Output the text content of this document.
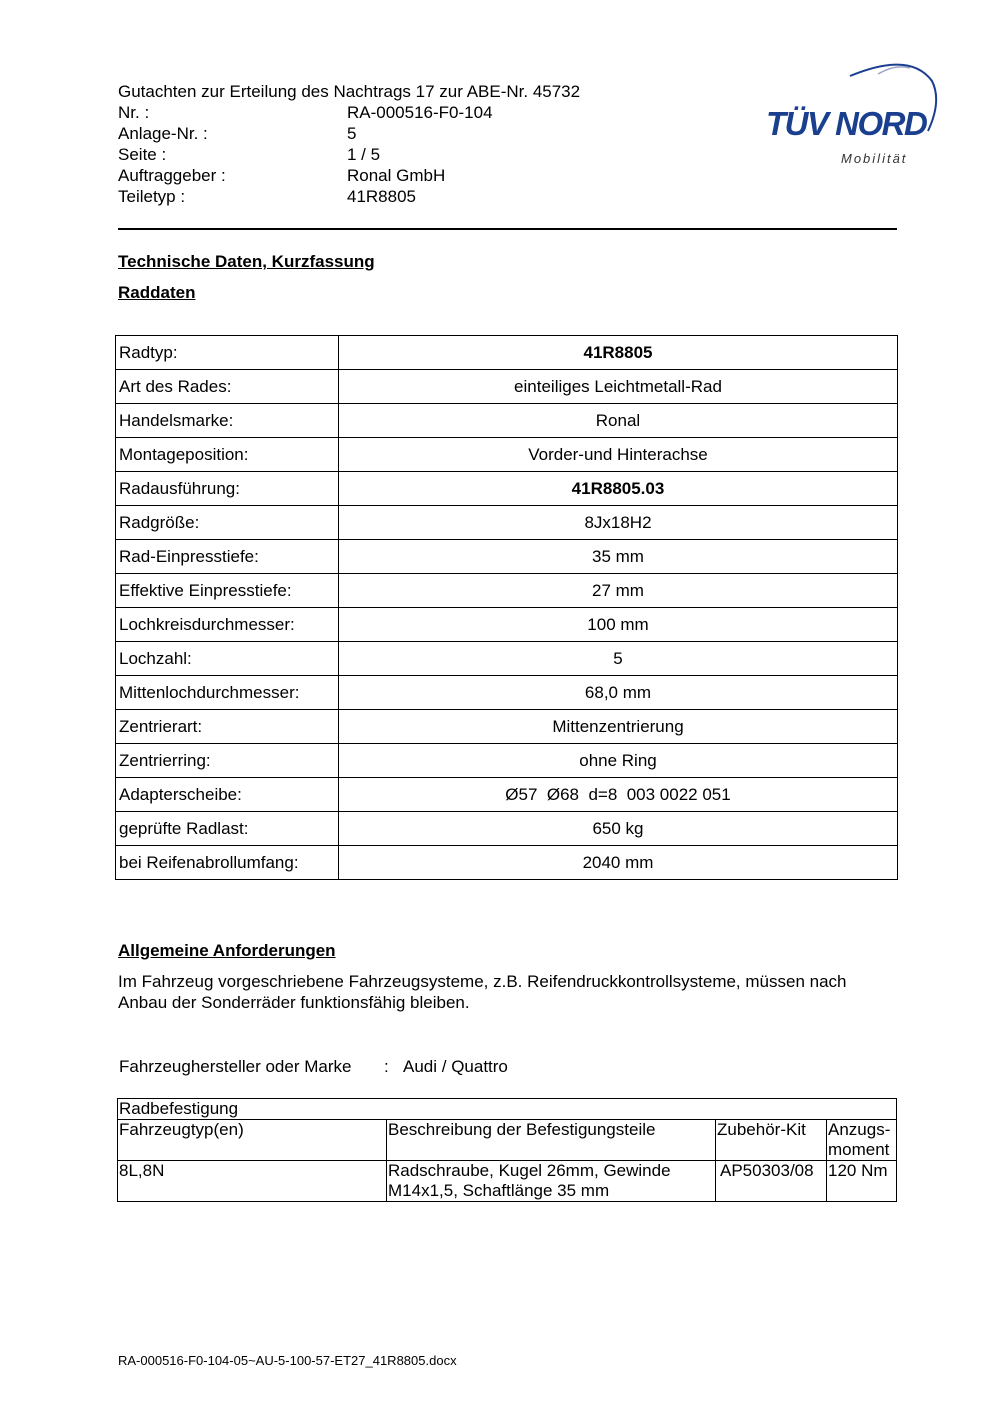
Gutachten zur Erteilung des Nachtrags 17 zur ABE-Nr. 45732
Nr. :	RA-000516-F0-104
Anlage-Nr. :	5
Seite :	1 / 5
Auftraggeber :	Ronal GmbH
Teiletyp :	41R8805
TÜV NORD
Mobilität
Technische Daten, Kurzfassung
Raddaten
Radtyp:	41R8805
Art des Rades:	einteiliges Leichtmetall-Rad
Handelsmarke:	Ronal
Montageposition:	Vorder-und Hinterachse
Radausführung:	41R8805.03
Radgröße:	8Jx18H2
Rad-Einpresstiefe:	35 mm
Effektive Einpresstiefe:	27 mm
Lochkreisdurchmesser:	100 mm
Lochzahl:	5
Mittenlochdurchmesser:	68,0 mm
Zentrierart:	Mittenzentrierung
Zentrierring:	ohne Ring
Adapterscheibe:	Ø57  Ø68  d=8  003 0022 051
geprüfte Radlast:	650 kg
bei Reifenabrollumfang:	2040 mm
Allgemeine Anforderungen
Im Fahrzeug vorgeschriebene Fahrzeugsysteme, z.B. Reifendruckkontrollsysteme, müssen nach Anbau der Sonderräder funktionsfähig bleiben.
Fahrzeughersteller oder Marke	: Audi / Quattro
Radbefestigung			
Fahrzeugtyp(en)	Beschreibung der Befestigungsteile	Zubehör-Kit	Anzugs-moment
8L,8N	Radschraube, Kugel 26mm, Gewinde M14x1,5, Schaftlänge 35 mm	AP50303/08	120 Nm
RA-000516-F0-104-05~AU-5-100-57-ET27_41R8805.docx
